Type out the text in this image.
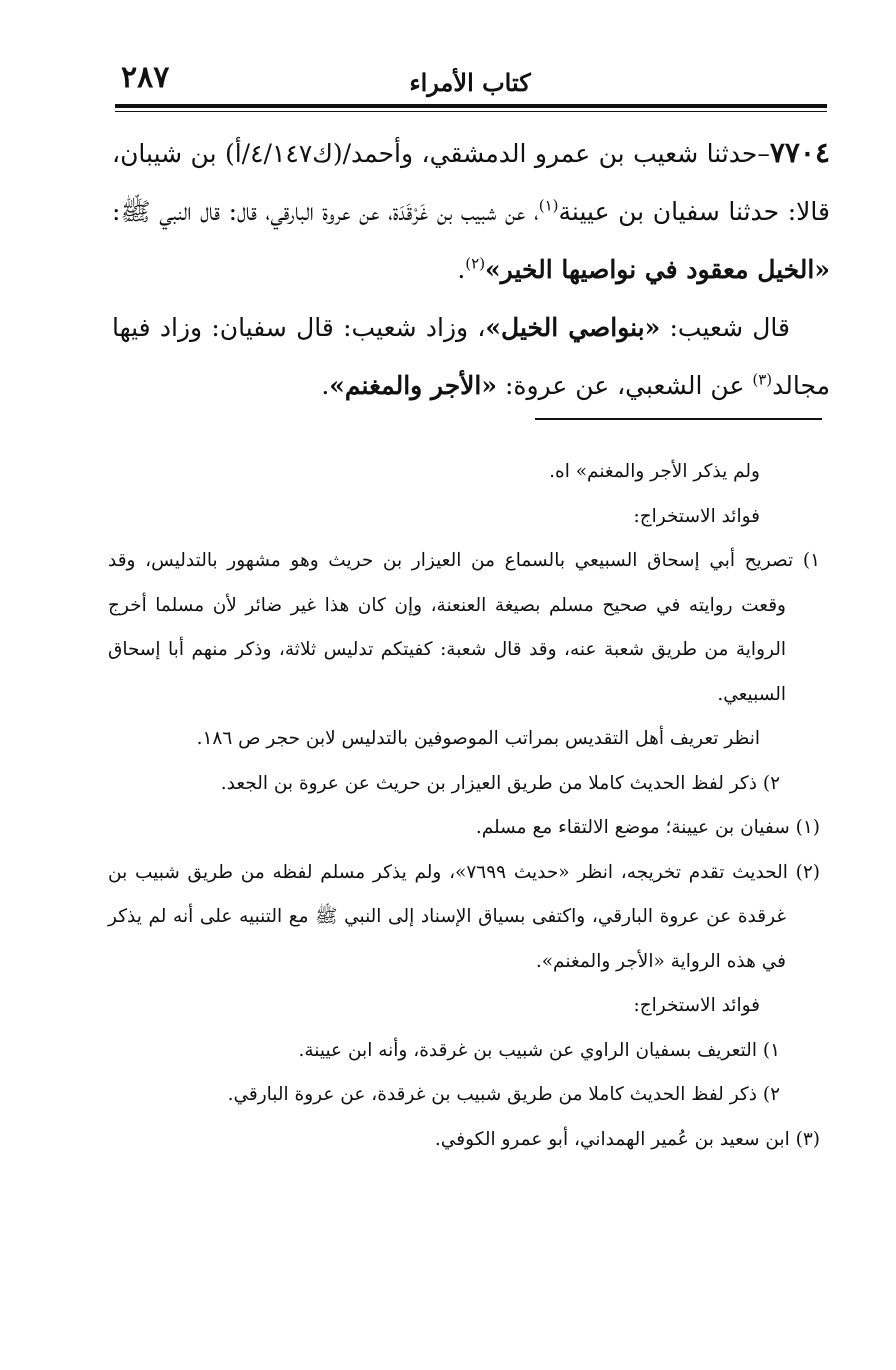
٢٨٧	كتاب الأمراء

٧٧٠٤–حدثنا شعيب بن عمرو الدمشقي، وأحمد/(ك٤/١٤٧/أ) بن شيبان، قالا: حدثنا سفيان بن عيينة$^{(١)}$، عن شبيب بن غَرْقَدَة، عن عروة البارقي، قال: قال النبي ﷺ: «الخيل معقود في نواصيها الخير»$^{(٢)}$.

قال شعيب: «بنواصي الخيل»، وزاد شعيب: قال سفيان: وزاد فيها مجالد$^{(٣)}$ عن الشعبي، عن عروة: «الأجر والمغنم».

ولم يذكر الأجر والمغنم» اه.

فوائد الاستخراج:

١) تصريح أبي إسحاق السبيعي بالسماع من العيزار بن حريث وهو مشهور بالتدليس، وقد وقعت روايته في صحيح مسلم بصيغة العنعنة، وإن كان هذا غير ضائر لأن مسلما أخرج الرواية من طريق شعبة عنه، وقد قال شعبة: كفيتكم تدليس ثلاثة، وذكر منهم أبا إسحاق السبيعي.

انظر تعريف أهل التقديس بمراتب الموصوفين بالتدليس لابن حجر ص ١٨٦.

٢) ذكر لفظ الحديث كاملا من طريق العيزار بن حريث عن عروة بن الجعد.

(١) سفيان بن عيينة؛ موضع الالتقاء مع مسلم.

(٢) الحديث تقدم تخريجه، انظر «حديث ٧٦٩٩»، ولم يذكر مسلم لفظه من طريق شبيب بن غرقدة عن عروة البارقي، واكتفى بسياق الإسناد إلى النبي ﷺ مع التنبيه على أنه لم يذكر في هذه الرواية «الأجر والمغنم».

فوائد الاستخراج:

١) التعريف بسفيان الراوي عن شبيب بن غرقدة، وأنه ابن عيينة.

٢) ذكر لفظ الحديث كاملا من طريق شبيب بن غرقدة، عن عروة البارقي.

(٣) ابن سعيد بن عُمير الهمداني، أبو عمرو الكوفي.
